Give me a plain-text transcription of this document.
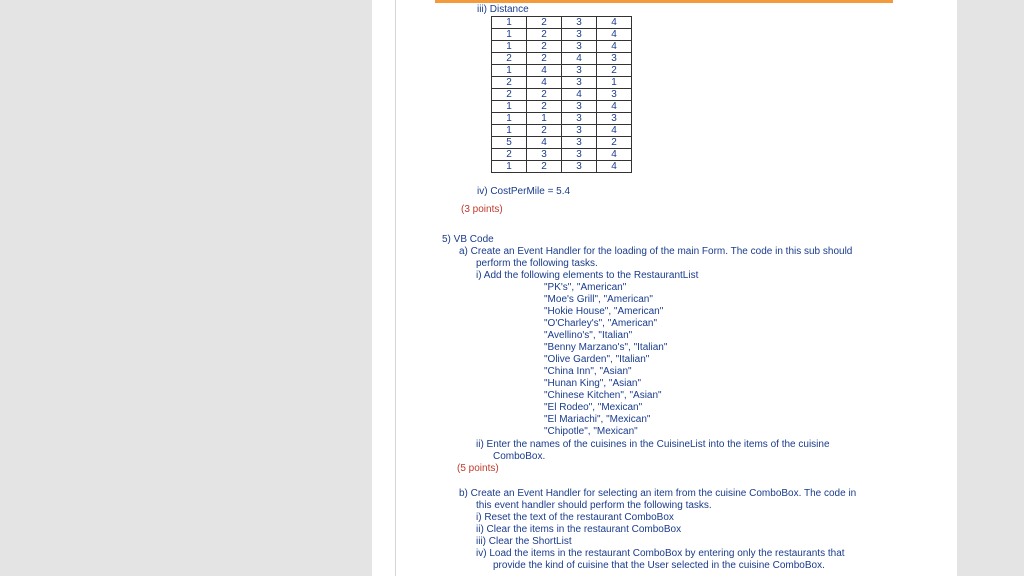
iii) Distance
1	2	3	4
1	2	3	4
1	2	3	4
2	2	4	3
1	4	3	2
2	4	3	1
2	2	4	3
1	2	3	4
1	1	3	3
1	2	3	4
5	4	3	2
2	3	3	4
1	2	3	4
iv) CostPerMile = 5.4
(3 points)
5) VB Code
a) Create an Event Handler for the loading of the main Form. The code in this sub should
perform the following tasks.
i) Add the following elements to the RestaurantList
"PK's", "American"
"Moe's Grill", "American"
"Hokie House", "American"
"O'Charley's", "American"
"Avellino's", "Italian"
"Benny Marzano's", "Italian"
"Olive Garden", "Italian"
"China Inn", "Asian"
"Hunan King", "Asian"
"Chinese Kitchen", "Asian"
"El Rodeo", "Mexican"
"El Mariachi", "Mexican"
"Chipotle", "Mexican"
ii) Enter the names of the cuisines in the CuisineList into the items of the cuisine
ComboBox.
(5 points)
b) Create an Event Handler for selecting an item from the cuisine ComboBox. The code in
this event handler should perform the following tasks.
i) Reset the text of the restaurant ComboBox
ii) Clear the items in the restaurant ComboBox
iii) Clear the ShortList
iv) Load the items in the restaurant ComboBox by entering only the restaurants that
provide the kind of cuisine that the User selected in the cuisine ComboBox.
